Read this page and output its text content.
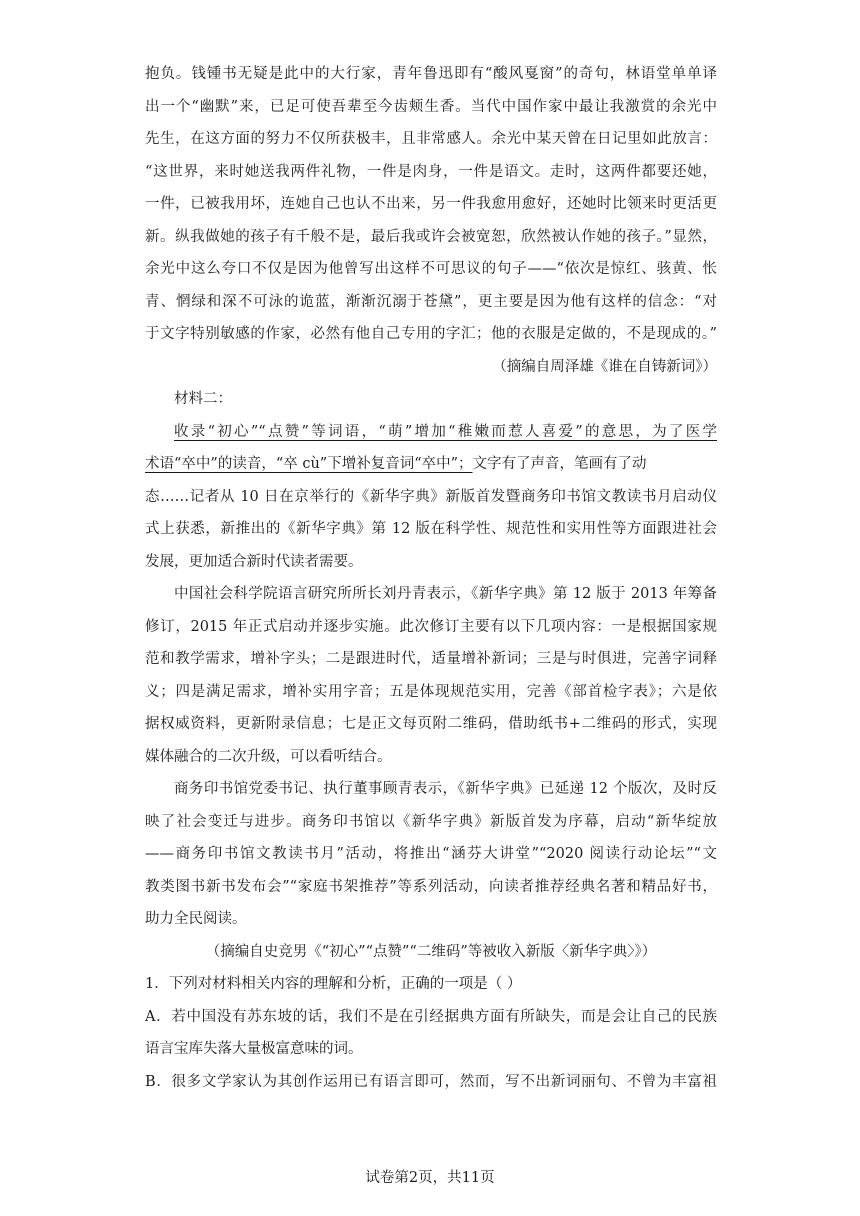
抱负。钱锺书无疑是此中的大行家，青年鲁迅即有“酸风戛窗”的奇句，林语堂单单译
出一个“幽默”来，已足可使吾辈至今齿颊生香。当代中国作家中最让我激赏的余光中
先生，在这方面的努力不仅所获极丰，且非常感人。余光中某天曾在日记里如此放言：
“这世界，来时她送我两件礼物，一件是肉身，一件是语文。走时，这两件都要还她，
一件，已被我用坏，连她自己也认不出来，另一件我愈用愈好，还她时比领来时更活更
新。纵我做她的孩子有千般不是，最后我或许会被宽恕，欣然被认作她的孩子。”显然，
余光中这么夸口不仅是因为他曾写出这样不可思议的句子——“依次是惊红、骇黄、怅
青、惘绿和深不可泳的诡蓝，渐渐沉溺于苍黛”，更主要是因为他有这样的信念：“对
于文字特别敏感的作家，必然有他自己专用的字汇；他的衣服是定做的，不是现成的。”
（摘编自周泽雄《谁在自铸新词》）
材料二：
收录“初心”“点赞”等词语，“萌”增加“稚嫩而惹人喜爱”的意思，为了医学
术语“卒中”的读音，“卒 cù”下增补复音词“卒中”；文字有了声音，笔画有了动
态……记者从 10 日在京举行的《新华字典》新版首发暨商务印书馆文教读书月启动仪
式上获悉，新推出的《新华字典》第 12 版在科学性、规范性和实用性等方面跟进社会
发展，更加适合新时代读者需要。
中国社会科学院语言研究所所长刘丹青表示，《新华字典》第 12 版于 2013 年筹备
修订，2015 年正式启动并逐步实施。此次修订主要有以下几项内容：一是根据国家规
范和教学需求，增补字头；二是跟进时代，适量增补新词；三是与时俱进，完善字词释
义；四是满足需求，增补实用字音；五是体现规范实用，完善《部首检字表》；六是依
据权威资料，更新附录信息；七是正文每页附二维码，借助纸书+二维码的形式，实现
媒体融合的二次升级，可以看听结合。
商务印书馆党委书记、执行董事顾青表示，《新华字典》已延递 12 个版次，及时反
映了社会变迁与进步。商务印书馆以《新华字典》新版首发为序幕，启动“新华绽放
——商务印书馆文教读书月”活动，将推出“涵芬大讲堂”“2020 阅读行动论坛”“文
教类图书新书发布会”“家庭书架推荐”等系列活动，向读者推荐经典名著和精品好书，
助力全民阅读。
（摘编自史竞男《“初心”“点赞”“二维码”等被收入新版〈新华字典〉》）
1．下列对材料相关内容的理解和分析，正确的一项是（ ）
A．若中国没有苏东坡的话，我们不是在引经据典方面有所缺失，而是会让自己的民族
语言宝库失落大量极富意味的词。
B．很多文学家认为其创作运用已有语言即可，然而，写不出新词丽句、不曾为丰富祖
试卷第2页，共11页
